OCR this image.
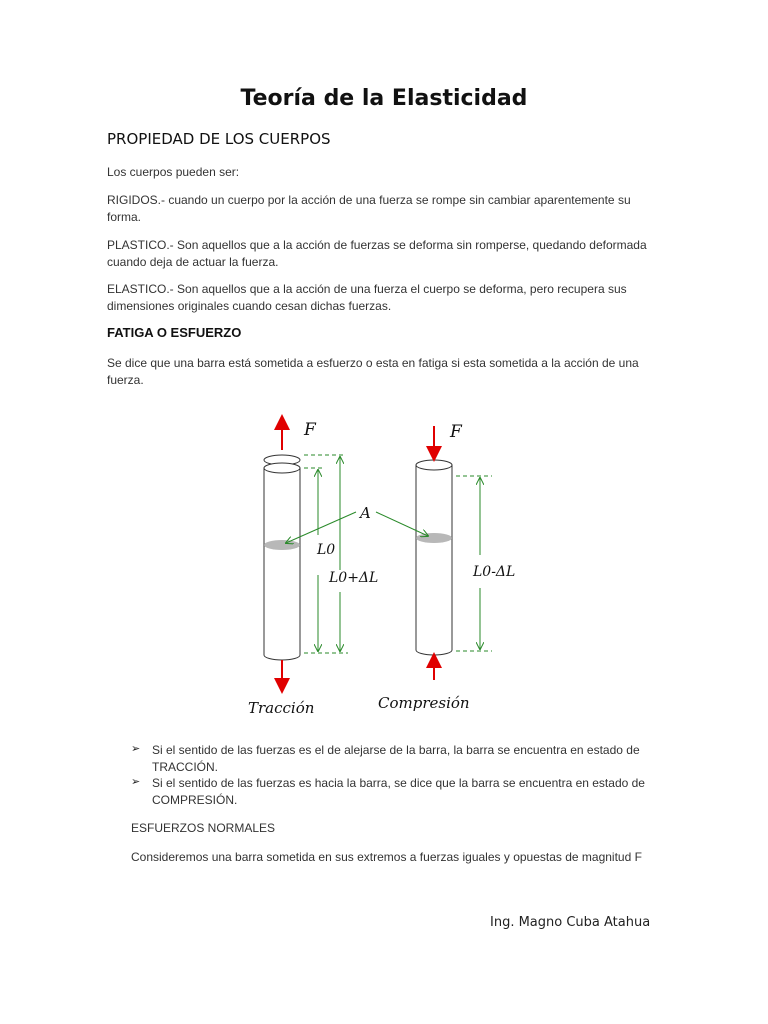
Teoría de la Elasticidad
PROPIEDAD DE LOS CUERPOS
Los cuerpos pueden ser:
RIGIDOS.- cuando un cuerpo por la acción de una fuerza se rompe sin cambiar aparentemente su forma.
PLASTICO.- Son aquellos que a la acción de fuerzas se deforma sin romperse, quedando deformada cuando deja de actuar la fuerza.
ELASTICO.- Son aquellos que a la acción de una fuerza el cuerpo se deforma, pero recupera sus dimensiones originales cuando cesan dichas fuerzas.
FATIGA O ESFUERZO
Se dice que una barra está sometida a esfuerzo o esta en fatiga si esta sometida a la acción de una fuerza.
F	F
A
L0
L0+ΔL	L0-ΔL
Tracción	Compresión
➢ Si el sentido de las fuerzas es el de alejarse de la barra, la barra se encuentra en estado de TRACCIÓN.
➢ Si el sentido de las fuerzas es hacia la barra, se dice que la barra se encuentra en estado de COMPRESIÓN.
ESFUERZOS NORMALES
Consideremos una barra sometida en sus extremos a fuerzas iguales y opuestas de magnitud F
Ing. Magno Cuba Atahua
